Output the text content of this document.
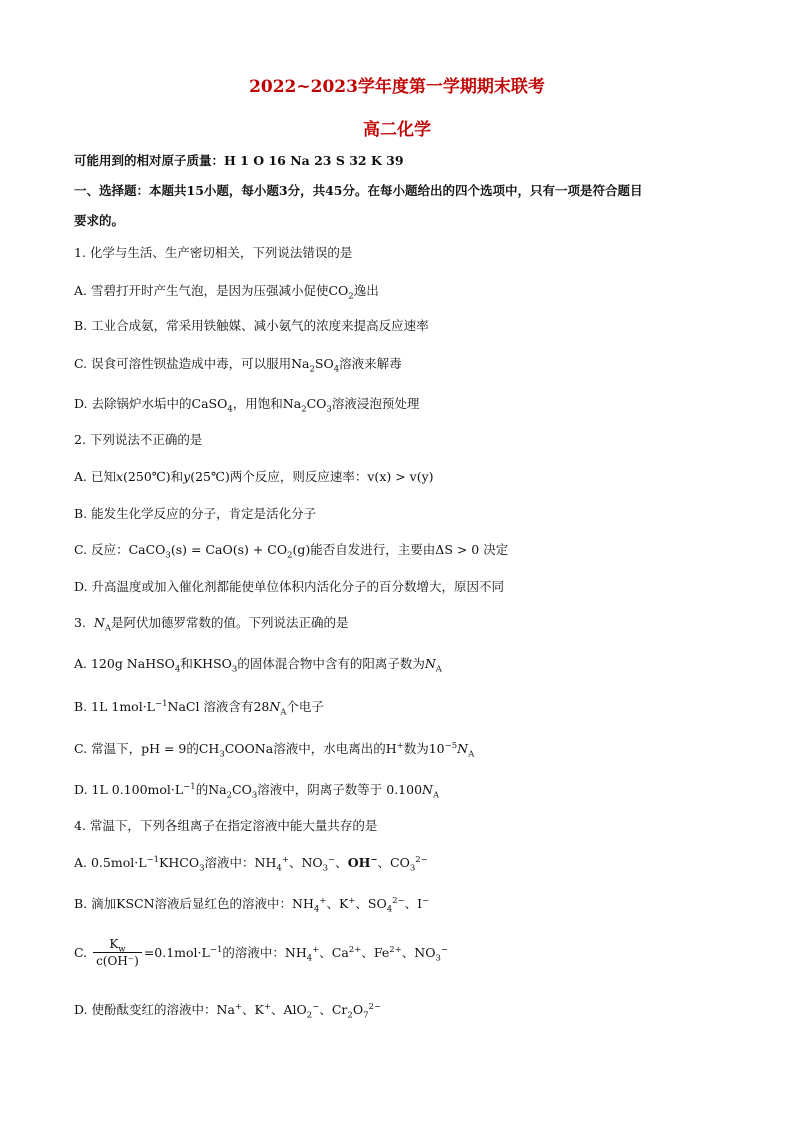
2022~2023学年度第一学期期末联考
高二化学
可能用到的相对原子质量：H 1 O 16 Na 23 S 32 K 39
一、选择题：本题共15小题，每小题3分，共45分。在每小题给出的四个选项中，只有一项是符合题目
要求的。
1. 化学与生活、生产密切相关，下列说法错误的是
A. 雪碧打开时产生气泡，是因为压强减小促使$CO_2$逸出
B. 工业合成氨，常采用铁触媒、减小氨气的浓度来提高反应速率
C. 误食可溶性钡盐造成中毒，可以服用$Na_2SO_4$溶液来解毒
D. 去除锅炉水垢中的CaSO$_4$，用饱和$Na_2CO_3$溶液浸泡预处理
2. 下列说法不正确的是
A. 已知x(250℃)和y(25℃)两个反应，则反应速率：v(x) > v(y)
B. 能发生化学反应的分子，肯定是活化分子
C. 反应：CaCO$_3$(s) = $CaO(s) + CO_2(g)$能否自发进行，主要由ΔS > 0 决定
D. 升高温度或加入催化剂都能使单位体积内活化分子的百分数增大，原因不同
3. $N_A$是阿伏加德罗常数的值。下列说法正确的是
A. 120g NaHSO$_4$和$KHSO_3$的固体混合物中含有的阳离子数为$N_A$
B. 1L $1mol\cdot L^{-1}NaCl$ 溶液含有$28N_A$个电子
C. 常温下，pH = 9的$CH_3COONa$溶液中，水电离出的H+数为$10^{-5}N_A$
D. 1L $0.100mol\cdot L^{-1}$的$Na_2CO_3$溶液中，阴离子数等于 $0.100N_A$
4. 常温下，下列各组离子在指定溶液中能大量共存的是
A. $0.5mol\cdot L^{-1}KHCO_3$溶液中：$NH_4^+$、$NO_3^-$、OH−、$CO_3^{2-}$
B. 滴加KSCN溶液后显红色的溶液中：$NH_4^+$、K+、$SO_4^{2-}$、I−
C. $\frac{K_w}{c(OH^-)} =0.1mol\cdot L^{-1}$的溶液中：$NH_4^+$、$Ca^{2+}$、$Fe^{2+}$、$NO_3^-$
D. 使酚酞变红的溶液中：Na+、K+、AlO$_2$−、$Cr_2O_7^{2-}$
